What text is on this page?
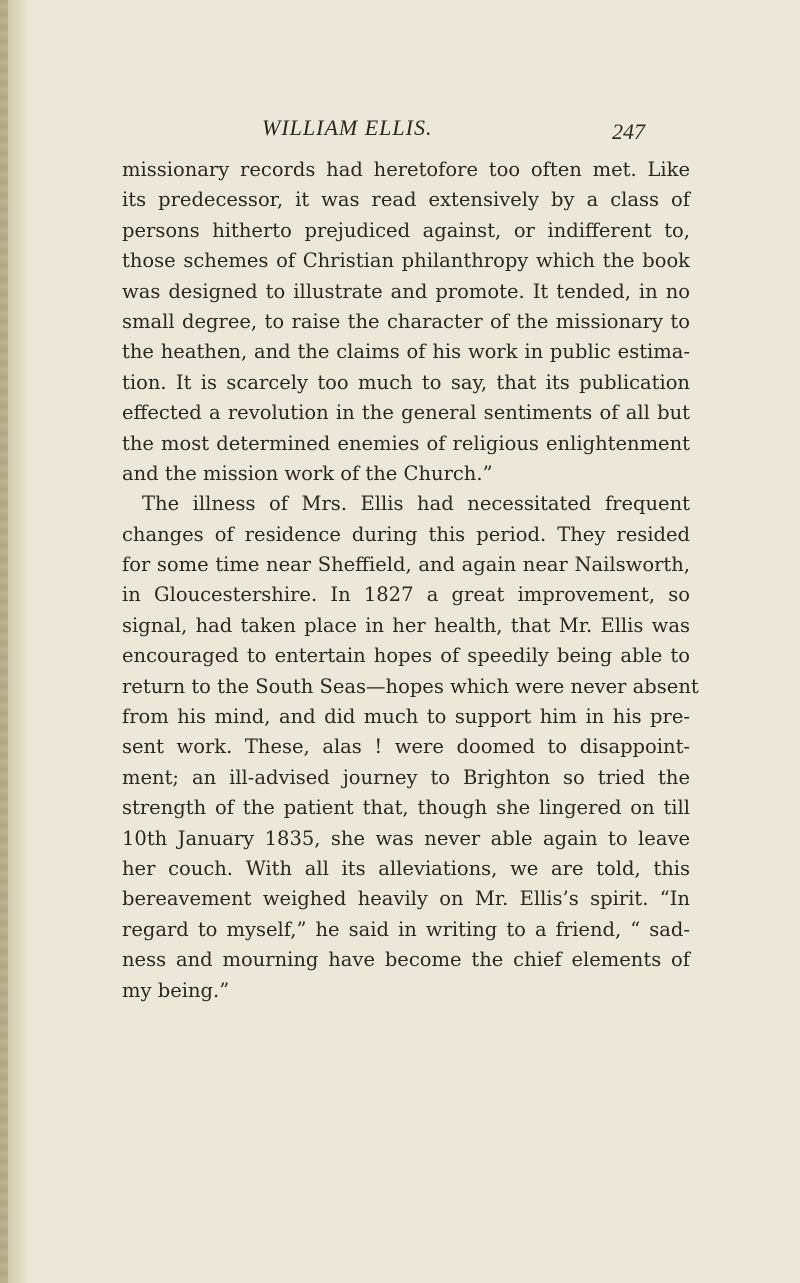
WILLIAM ELLIS.	247
missionary records had heretofore too often met. Like
its predecessor, it was read extensively by a class of
persons hitherto prejudiced against, or indifferent to,
those schemes of Christian philanthropy which the book
was designed to illustrate and promote. It tended, in no
small degree, to raise the character of the missionary to
the heathen, and the claims of his work in public estima-
tion. It is scarcely too much to say, that its publication
effected a revolution in the general sentiments of all but
the most determined enemies of religious enlightenment
and the mission work of the Church.”
The illness of Mrs. Ellis had necessitated frequent
changes of residence during this period. They resided
for some time near Sheffield, and again near Nailsworth,
in Gloucestershire. In 1827 a great improvement, so
signal, had taken place in her health, that Mr. Ellis was
encouraged to entertain hopes of speedily being able to
return to the South Seas—hopes which were never absent
from his mind, and did much to support him in his pre-
sent work. These, alas ! were doomed to disappoint-
ment; an ill-advised journey to Brighton so tried the
strength of the patient that, though she lingered on till
10th January 1835, she was never able again to leave
her couch. With all its alleviations, we are told, this
bereavement weighed heavily on Mr. Ellis’s spirit. “In
regard to myself,” he said in writing to a friend, “ sad-
ness and mourning have become the chief elements of
my being.”
